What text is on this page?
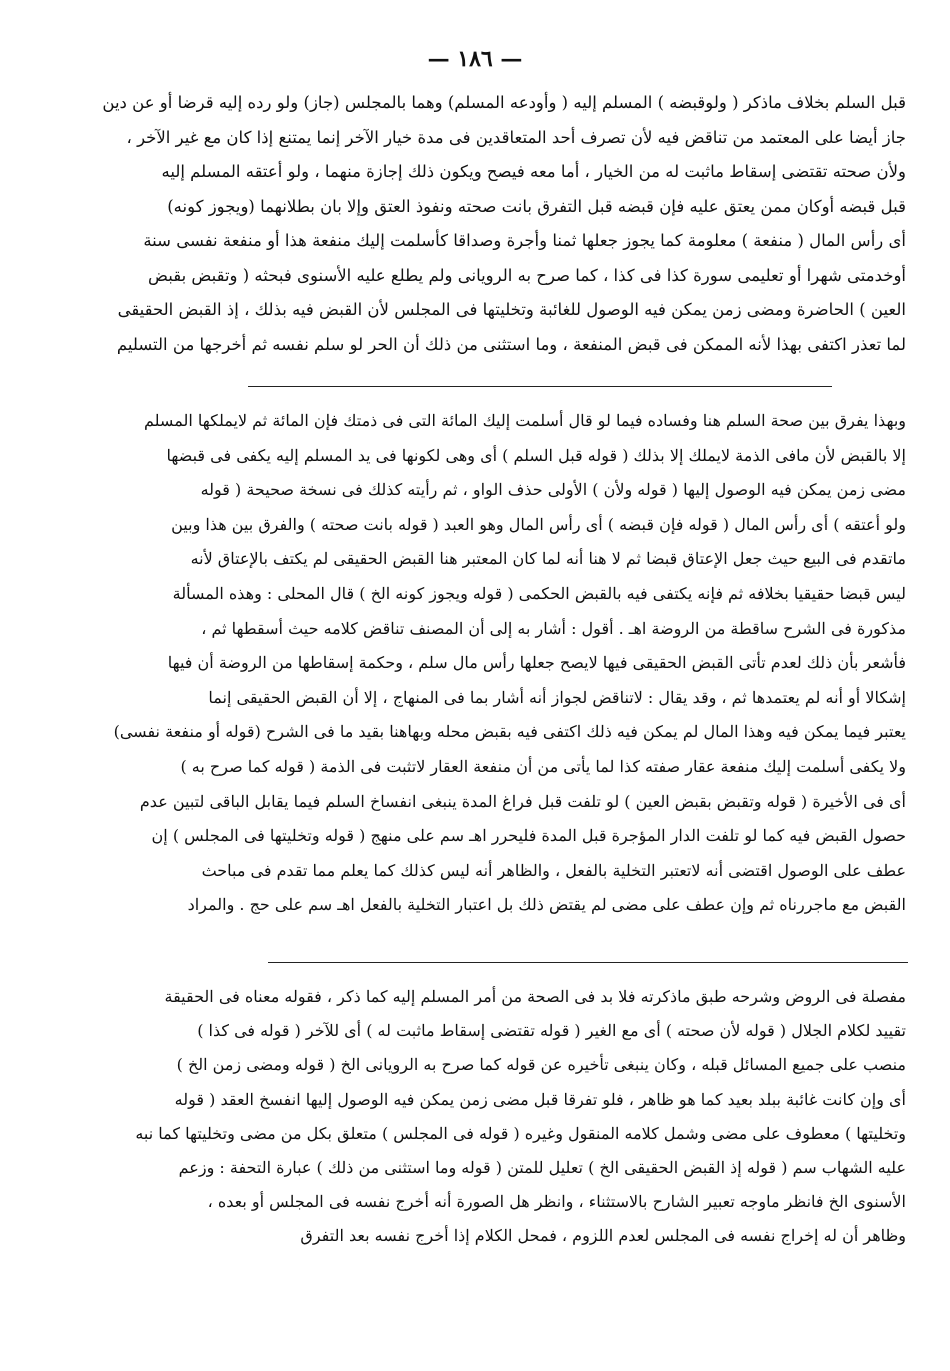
— ١٨٦ —

قبل السلم بخلاف ماذكر ( ولوقبضه ) المسلم إليه ( وأودعه المسلم) وهما بالمجلس (جاز) ولو رده إليه قرضا أو عن دين
جاز أيضا على المعتمد من تناقض فيه لأن تصرف أحد المتعاقدين فى مدة خيار الآخر إنما يمتنع إذا كان مع غير الآخر ،
ولأن صحته تقتضى إسقاط ماثبت له من الخيار ، أما معه فيصح ويكون ذلك إجازة منهما ، ولو أعتقه المسلم إليه
قبل قبضه أوكان ممن يعتق عليه فإن قبضه قبل التفرق بانت صحته ونفوذ العتق وإلا بان بطلانهما (ويجوز كونه)
أى رأس المال ( منفعة ) معلومة كما يجوز جعلها ثمنا وأجرة وصداقا كأسلمت إليك منفعة هذا أو منفعة نفسى سنة
أوخدمتى شهرا أو تعليمى سورة كذا فى كذا ، كما صرح به الرويانى ولم يطلع عليه الأسنوى فبحثه ( وتقبض بقبض
العين ) الحاضرة ومضى زمن يمكن فيه الوصول للغائبة وتخليتها فى المجلس لأن القبض فيه بذلك ، إذ القبض الحقيقى
لما تعذر اكتفى بهذا لأنه الممكن فى قبض المنفعة ، وما استثنى من ذلك أن الحر لو سلم نفسه ثم أخرجها من التسليم

وبهذا يفرق بين صحة السلم هنا وفساده فيما لو قال أسلمت إليك المائة التى فى ذمتك فإن المائة ثم لايملكها المسلم
إلا بالقبض لأن مافى الذمة لايملك إلا بذلك ( قوله قبل السلم ) أى وهى لكونها فى يد المسلم إليه يكفى فى قبضها
مضى زمن يمكن فيه الوصول إليها ( قوله ولأن ) الأولى حذف الواو ، ثم رأيته كذلك فى نسخة صحيحة ( قوله
ولو أعتقه ) أى رأس المال ( قوله فإن قبضه ) أى رأس المال وهو العبد ( قوله بانت صحته ) والفرق بين هذا وبين
ماتقدم فى البيع حيث جعل الإعتاق قبضا ثم لا هنا أنه لما كان المعتبر هنا القبض الحقيقى لم يكتف بالإعتاق لأنه
ليس قبضا حقيقيا بخلافه ثم فإنه يكتفى فيه بالقبض الحكمى ( قوله ويجوز كونه الخ ) قال المحلى : وهذه المسألة
مذكورة فى الشرح ساقطة من الروضة اهـ . أقول : أشار به إلى أن المصنف تناقض كلامه حيث أسقطها ثم ،
فأشعر بأن ذلك لعدم تأتى القبض الحقيقى فيها لايصح جعلها رأس مال سلم ، وحكمة إسقاطها من الروضة أن فيها
إشكالا أو أنه لم يعتمدها ثم ، وقد يقال : لاتناقض لجواز أنه أشار بما فى المنهاج ، إلا أن القبض الحقيقى إنما
يعتبر فيما يمكن فيه وهذا المال لم يمكن فيه ذلك اكتفى فيه بقبض محله وبهاهنا بقيد ما فى الشرح (قوله أو منفعة نفسى)
ولا يكفى أسلمت إليك منفعة عقار صفته كذا لما يأتى من أن منفعة العقار لاتثبت فى الذمة ( قوله كما صرح به )
أى فى الأخيرة ( قوله وتقبض بقبض العين ) لو تلفت قبل فراغ المدة ينبغى انفساخ السلم فيما يقابل الباقى لتبين عدم
حصول القبض فيه كما لو تلفت الدار المؤجرة قبل المدة فليحرر اهـ سم على منهج ( قوله وتخليتها فى المجلس ) إن
عطف على الوصول اقتضى أنه لاتعتبر التخلية بالفعل ، والظاهر أنه ليس كذلك كما يعلم مما تقدم فى مباحث
القبض مع ماجررناه ثم وإن عطف على مضى لم يقتض ذلك بل اعتبار التخلية بالفعل اهـ سم على حج . والمراد

مفصلة فى الروض وشرحه طبق ماذكرته فلا بد فى الصحة من أمر المسلم إليه كما ذكر ، فقوله معناه فى الحقيقة
تقييد لكلام الجلال ( قوله لأن صحته ) أى مع الغير ( قوله تقتضى إسقاط ماثبت له ) أى للآخر ( قوله فى كذا )
منصب على جميع المسائل قبله ، وكان ينبغى تأخيره عن قوله كما صرح به الرويانى الخ ( قوله ومضى زمن الخ )
أى وإن كانت غائبة ببلد بعيد كما هو ظاهر ، فلو تفرقا قبل مضى زمن يمكن فيه الوصول إليها انفسخ العقد ( قوله
وتخليتها ) معطوف على مضى وشمل كلامه المنقول وغيره ( قوله فى المجلس ) متعلق بكل من مضى وتخليتها كما نبه
عليه الشهاب سم ( قوله إذ القبض الحقيقى الخ ) تعليل للمتن ( قوله وما استثنى من ذلك ) عبارة التحفة : وزعم
الأسنوى الخ فانظر ماوجه تعبير الشارح بالاستثناء ، وانظر هل الصورة أنه أخرج نفسه فى المجلس أو بعده ،
وظاهر أن له إخراج نفسه فى المجلس لعدم اللزوم ، فمحل الكلام إذا أخرج نفسه بعد التفرق
